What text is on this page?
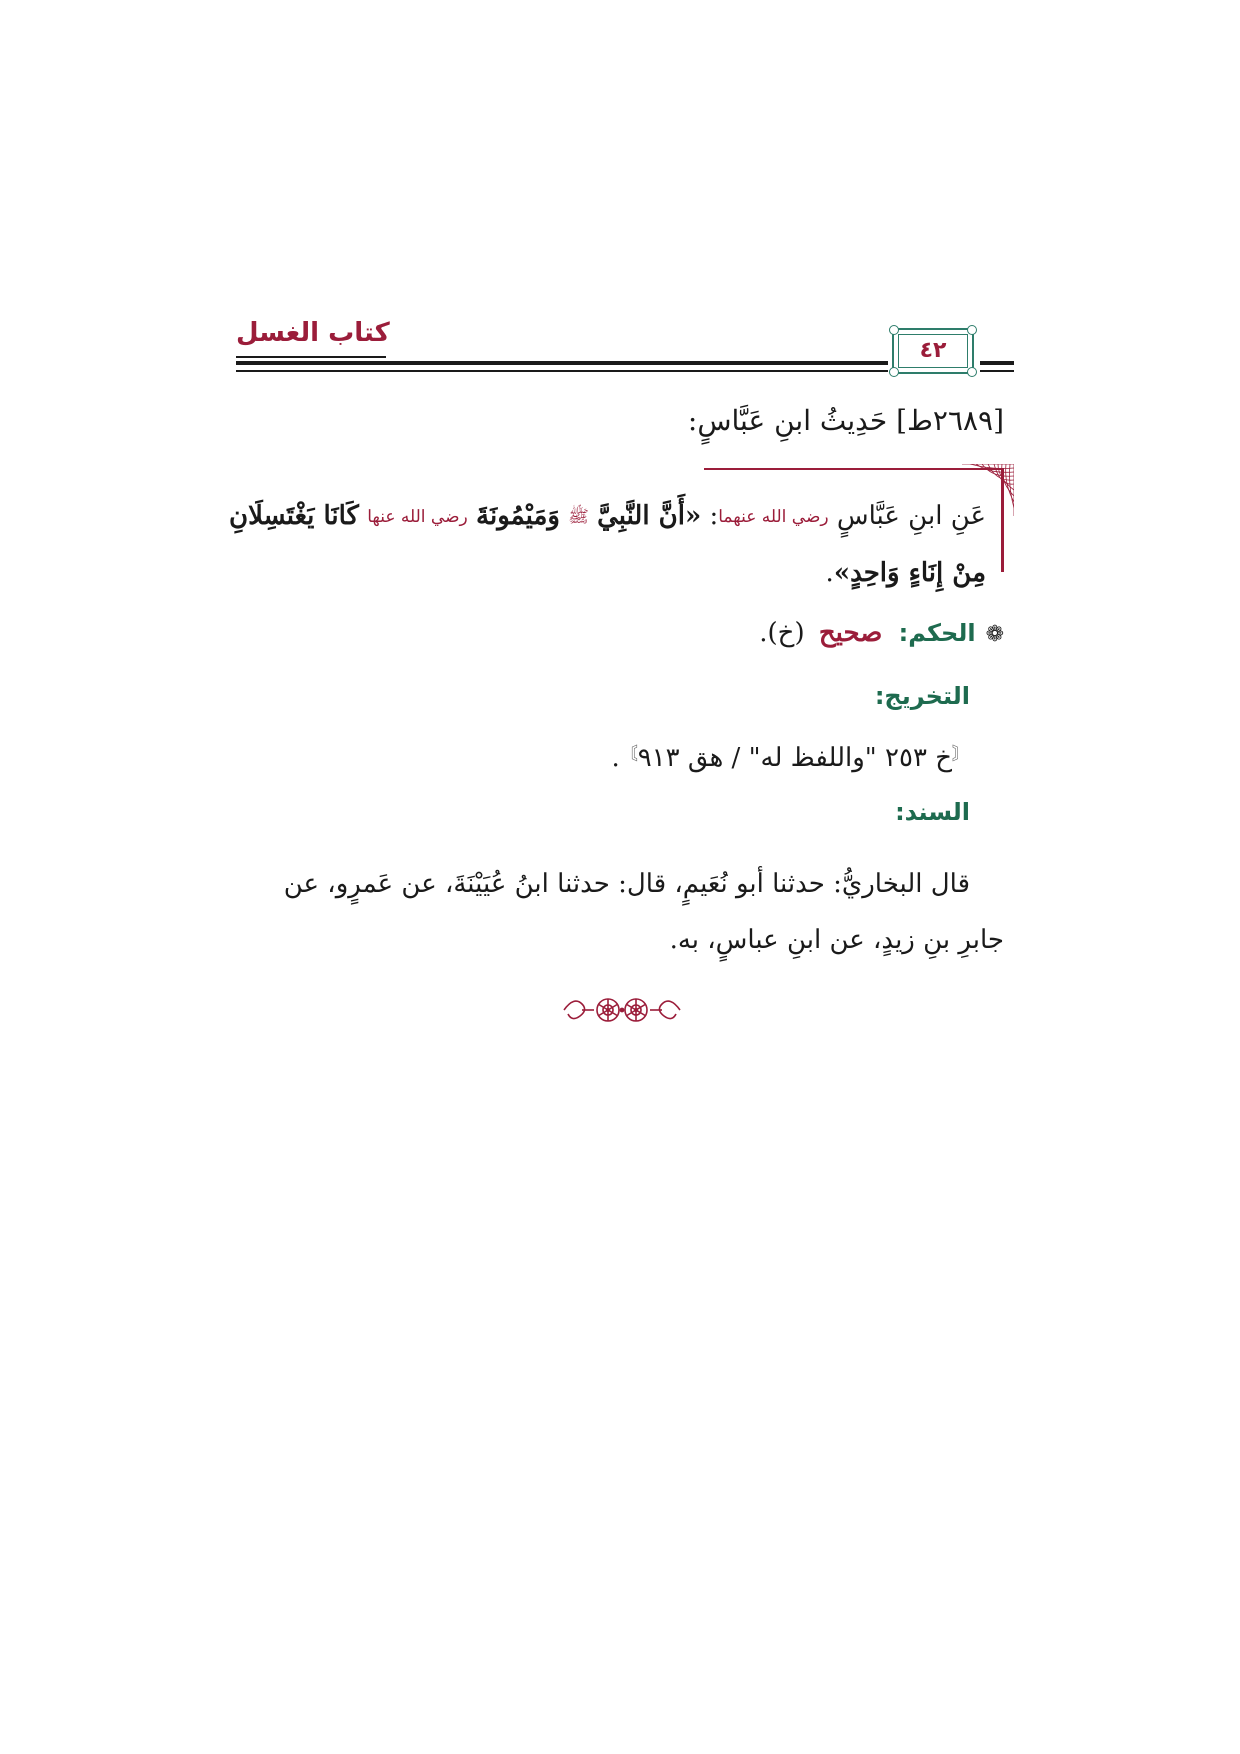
كتاب الغسل
٤٢
[٢٦٨٩ط] حَدِيثُ ابنِ عَبَّاسٍ:
عَنِ ابنِ عَبَّاسٍ رضي الله عنهما: «أَنَّ النَّبِيَّ ﷺ وَمَيْمُونَةَ رضي الله عنها كَانَا يَغْتَسِلَانِ مِنْ إِنَاءٍ وَاحِدٍ».
❁الحكم: صحيح (خ).
التخريج:
〘خ ٢٥٣ "واللفظ له" / هق ٩١٣〙.
السند:
قال البخاريُّ: حدثنا أبو نُعَيمٍ، قال: حدثنا ابنُ عُيَيْنَةَ، عن عَمرٍو، عن جابرِ بنِ زيدٍ، عن ابنِ عباسٍ، به.
